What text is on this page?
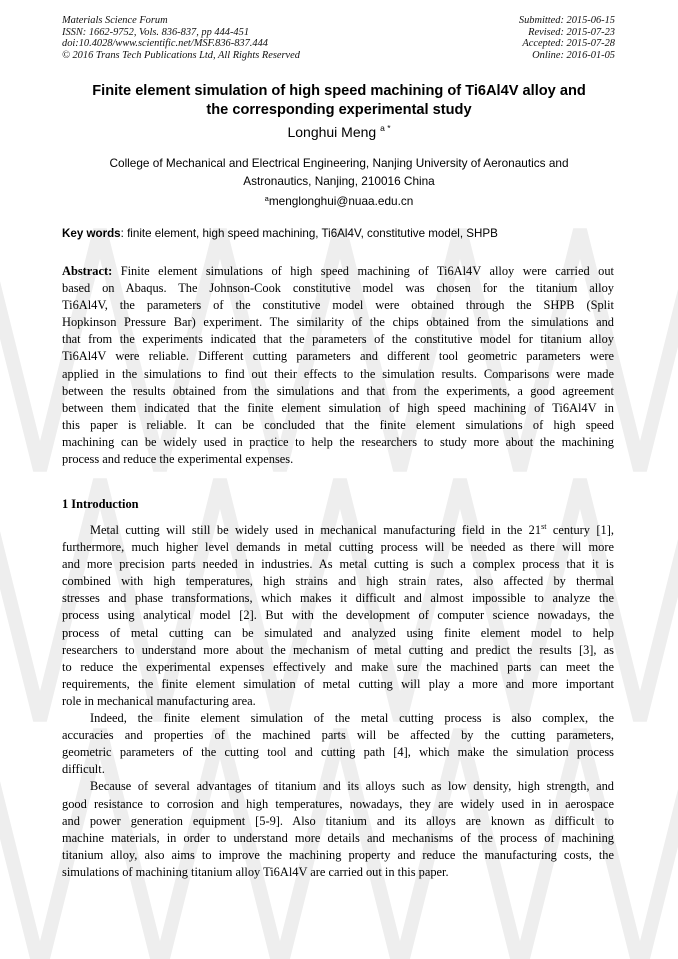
Materials Science Forum
ISSN: 1662-9752, Vols. 836-837, pp 444-451
doi:10.4028/www.scientific.net/MSF.836-837.444
© 2016 Trans Tech Publications Ltd, All Rights Reserved
Submitted: 2015-06-15
Revised: 2015-07-23
Accepted: 2015-07-28
Online: 2016-01-05
Finite element simulation of high speed machining of Ti6Al4V alloy and
the corresponding experimental study
Longhui Meng $^{a *}$
College of Mechanical and Electrical Engineering, Nanjing University of Aeronautics and
Astronautics, Nanjing, 210016 China
$^a$menglonghui@nuaa.edu.cn
Key words: finite element, high speed machining, Ti6Al4V, constitutive model, SHPB
Abstract: Finite element simulations of high speed machining of Ti6Al4V alloy were carried out
based on Abaqus. The Johnson-Cook constitutive model was chosen for the titanium alloy
Ti6Al4V, the parameters of the constitutive model were obtained through the SHPB (Split
Hopkinson Pressure Bar) experiment. The similarity of the chips obtained from the simulations and
that from the experiments indicated that the parameters of the constitutive model for titanium alloy
Ti6Al4V were reliable. Different cutting parameters and different tool geometric parameters were
applied in the simulations to find out their effects to the simulation results. Comparisons were made
between the results obtained from the simulations and that from the experiments, a good agreement
between them indicated that the finite element simulation of high speed machining of Ti6Al4V in
this paper is reliable. It can be concluded that the finite element simulations of high speed
machining can be widely used in practice to help the researchers to study more about the machining
process and reduce the experimental expenses.
1 Introduction
Metal cutting will still be widely used in mechanical manufacturing field in the 21st century [1],
furthermore, much higher level demands in metal cutting process will be needed as there will more
and more precision parts needed in industries. As metal cutting is such a complex process that it is
combined with high temperatures, high strains and high strain rates, also affected by thermal
stresses and phase transformations, which makes it difficult and almost impossible to analyze the
process using analytical model [2]. But with the development of computer science nowadays, the
process of metal cutting can be simulated and analyzed using finite element model to help
researchers to understand more about the mechanism of metal cutting and predict the results [3], as
to reduce the experimental expenses effectively and make sure the machined parts can meet the
requirements, the finite element simulation of metal cutting will play a more and more important
role in mechanical manufacturing area.
Indeed, the finite element simulation of the metal cutting process is also complex, the
accuracies and properties of the machined parts will be affected by the cutting parameters,
geometric parameters of the cutting tool and cutting path [4], which make the simulation process
difficult.
Because of several advantages of titanium and its alloys such as low density, high strength, and
good resistance to corrosion and high temperatures, nowadays, they are widely used in in aerospace
and power generation equipment [5-9]. Also titanium and its alloys are known as difficult to
machine materials, in order to understand more details and mechanisms of the process of machining
titanium alloy, also aims to improve the machining property and reduce the manufacturing costs, the
simulations of machining titanium alloy Ti6Al4V are carried out in this paper.
